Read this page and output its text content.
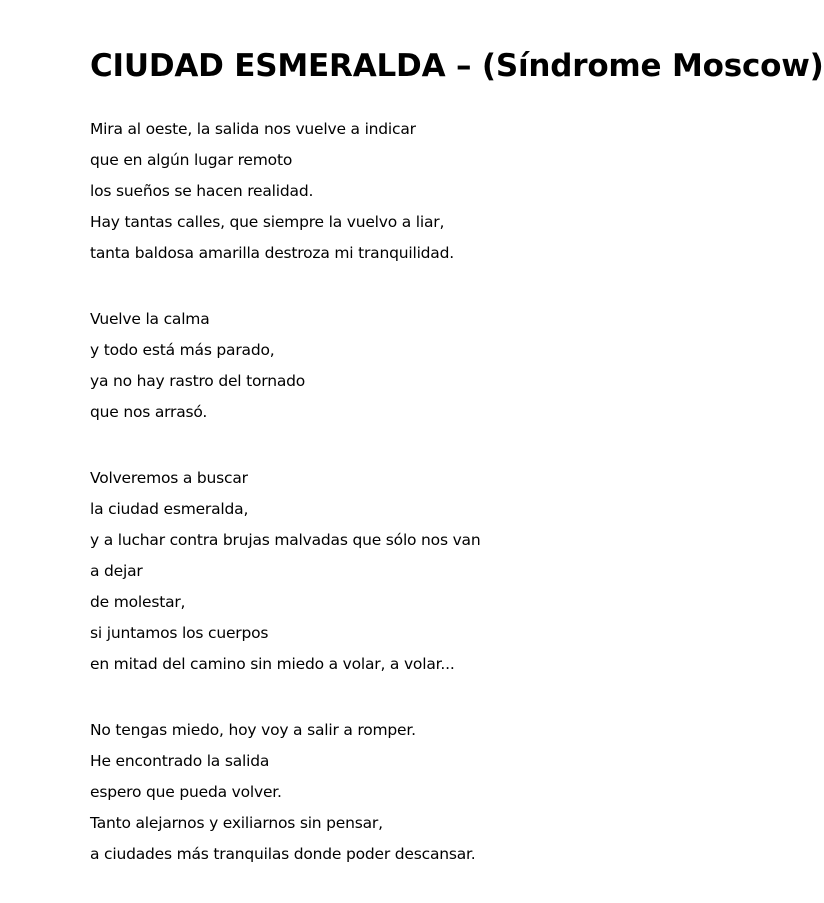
CIUDAD ESMERALDA – (Síndrome Moscow)
Mira al oeste, la salida nos vuelve a indicar
que en algún lugar remoto
los sueños se hacen realidad.
Hay tantas calles, que siempre la vuelvo a liar,
tanta baldosa amarilla destroza mi tranquilidad.
Vuelve la calma
y todo está más parado,
ya no hay rastro del tornado
que nos arrasó.
Volveremos a buscar
la ciudad esmeralda,
y a luchar contra brujas malvadas que sólo nos van
a dejar
de molestar,
si juntamos los cuerpos
en mitad del camino sin miedo a volar, a volar...
No tengas miedo, hoy voy a salir a romper.
He encontrado la salida
espero que pueda volver.
Tanto alejarnos y exiliarnos sin pensar,
a ciudades más tranquilas donde poder descansar.
